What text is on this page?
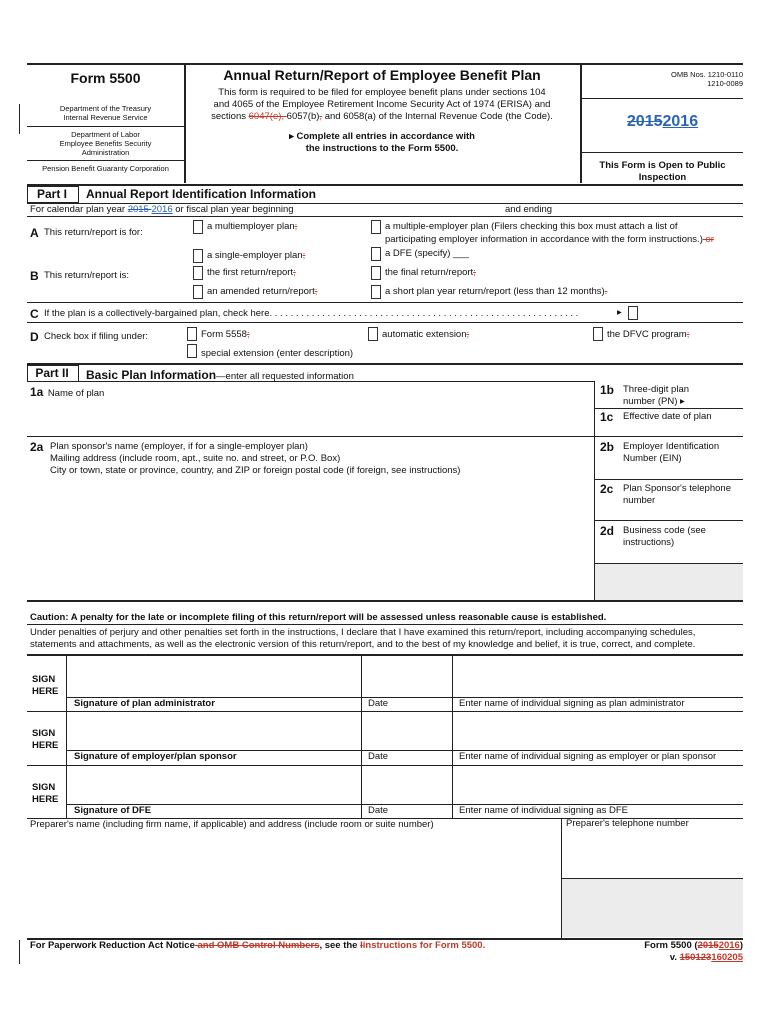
Form 5500
Department of the Treasury
Internal Revenue Service
Department of Labor
Employee Benefits Security
Administration
Pension Benefit Guaranty Corporation
Annual Return/Report of Employee Benefit Plan
This form is required to be filed for employee benefit plans under sections 104
and 4065 of the Employee Retirement Income Security Act of 1974 (ERISA) and
sections 6047(e), 6057(b), and 6058(a) of the Internal Revenue Code (the Code).
▸ Complete all entries in accordance with
the instructions to the Form 5500.
OMB Nos. 1210-0110
1210-0089
20152016
This Form is Open to Public
Inspection
Part I	Annual Report Identification Information
For calendar plan year 2015 2016 or fiscal plan year beginning	and ending
A This return/report is for:
a multiemployer plan;
a single-employer plan;
a multiple-employer plan (Filers checking this box must attach a list of
participating employer information in accordance with the form instructions.) or
a DFE (specify) ___
B This return/report is:	the first return/report;
an amended return/report;
the final return/report;
a short plan year return/report (less than 12 months).
C If the plan is a collectively-bargained plan, check here. . . . . . . . . . . . . . . . . . . . . . . . . . . . . . . . . . . . . . . . . . . . . . . . . . . . . . . . . . .	▸
D Check box if filing under:	Form 5558;	automatic extension;	the DFVC program;
special extension (enter description)
Part II	Basic Plan Information—enter all requested information
1a Name of plan	1b Three-digit plan
number (PN) ▸
1c Effective date of plan
2a Plan sponsor's name (employer, if for a single-employer plan)
Mailing address (include room, apt., suite no. and street, or P.O. Box)
City or town, state or province, country, and ZIP or foreign postal code (if foreign, see instructions)
2b Employer Identification
Number (EIN)
2c Plan Sponsor's telephone
number
2d Business code (see
instructions)
Caution: A penalty for the late or incomplete filing of this return/report will be assessed unless reasonable cause is established.
Under penalties of perjury and other penalties set forth in the instructions, I declare that I have examined this return/report, including accompanying schedules,
statements and attachments, as well as the electronic version of this return/report, and to the best of my knowledge and belief, it is true, correct, and complete.
SIGN
HERE
Signature of plan administrator	Date	Enter name of individual signing as plan administrator
SIGN
HERE
Signature of employer/plan sponsor	Date	Enter name of individual signing as employer or plan sponsor
SIGN
HERE
Signature of DFE	Date	Enter name of individual signing as DFE
Preparer's name (including firm name, if applicable) and address (include room or suite number)	Preparer's telephone number
For Paperwork Reduction Act Notice and OMB Control Numbers, see the Iinstructions for Form 5500.	Form 5500 (20152016)
v. 150123160205
